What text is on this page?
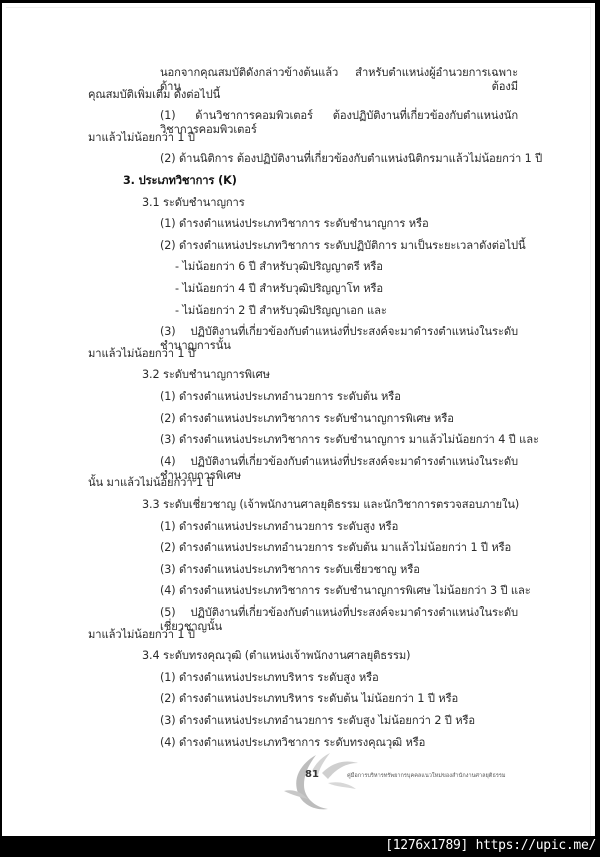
นอกจากคุณสมบัติดังกล่าวข้างต้นแล้ว สำหรับตำแหน่งผู้อำนวยการเฉพาะด้าน ต้องมี
คุณสมบัติเพิ่มเติม ดังต่อไปนี้
(1) ด้านวิชาการคอมพิวเตอร์ ต้องปฏิบัติงานที่เกี่ยวข้องกับตำแหน่งนักวิชาการคอมพิวเตอร์
มาแล้วไม่น้อยกว่า 1 ปี
(2) ด้านนิติการ ต้องปฏิบัติงานที่เกี่ยวข้องกับตำแหน่งนิติกรมาแล้วไม่น้อยกว่า 1 ปี
3. ประเภทวิชาการ (K)
3.1 ระดับชำนาญการ
(1) ดำรงตำแหน่งประเภทวิชาการ ระดับชำนาญการ หรือ
(2) ดำรงตำแหน่งประเภทวิชาการ ระดับปฏิบัติการ มาเป็นระยะเวลาดังต่อไปนี้
- ไม่น้อยกว่า 6 ปี สำหรับวุฒิปริญญาตรี หรือ
- ไม่น้อยกว่า 4 ปี สำหรับวุฒิปริญญาโท หรือ
- ไม่น้อยกว่า 2 ปี สำหรับวุฒิปริญญาเอก และ
(3) ปฏิบัติงานที่เกี่ยวข้องกับตำแหน่งที่ประสงค์จะมาดำรงตำแหน่งในระดับชำนาญการนั้น
มาแล้วไม่น้อยกว่า 1 ปี
3.2 ระดับชำนาญการพิเศษ
(1) ดำรงตำแหน่งประเภทอำนวยการ ระดับต้น หรือ
(2) ดำรงตำแหน่งประเภทวิชาการ ระดับชำนาญการพิเศษ หรือ
(3) ดำรงตำแหน่งประเภทวิชาการ ระดับชำนาญการ มาแล้วไม่น้อยกว่า 4 ปี และ
(4) ปฏิบัติงานที่เกี่ยวข้องกับตำแหน่งที่ประสงค์จะมาดำรงตำแหน่งในระดับชำนาญการพิเศษ
นั้น มาแล้วไม่น้อยกว่า 1 ปี
3.3 ระดับเชี่ยวชาญ (เจ้าพนักงานศาลยุติธรรม และนักวิชาการตรวจสอบภายใน)
(1) ดำรงตำแหน่งประเภทอำนวยการ ระดับสูง หรือ
(2) ดำรงตำแหน่งประเภทอำนวยการ ระดับต้น มาแล้วไม่น้อยกว่า 1 ปี หรือ
(3) ดำรงตำแหน่งประเภทวิชาการ ระดับเชี่ยวชาญ หรือ
(4) ดำรงตำแหน่งประเภทวิชาการ ระดับชำนาญการพิเศษ ไม่น้อยกว่า 3 ปี และ
(5) ปฏิบัติงานที่เกี่ยวข้องกับตำแหน่งที่ประสงค์จะมาดำรงตำแหน่งในระดับเชี่ยวชาญนั้น
มาแล้วไม่น้อยกว่า 1 ปี
3.4 ระดับทรงคุณวุฒิ (ตำแหน่งเจ้าพนักงานศาลยุติธรรม)
(1) ดำรงตำแหน่งประเภทบริหาร ระดับสูง หรือ
(2) ดำรงตำแหน่งประเภทบริหาร ระดับต้น ไม่น้อยกว่า 1 ปี หรือ
(3) ดำรงตำแหน่งประเภทอำนวยการ ระดับสูง ไม่น้อยกว่า 2 ปี หรือ
(4) ดำรงตำแหน่งประเภทวิชาการ ระดับทรงคุณวุฒิ หรือ
81	คู่มือการบริหารทรัพยากรบุคคลแนวใหม่ของสำนักงานศาลยุติธรรม
[1276x1789] https://upic.me/
